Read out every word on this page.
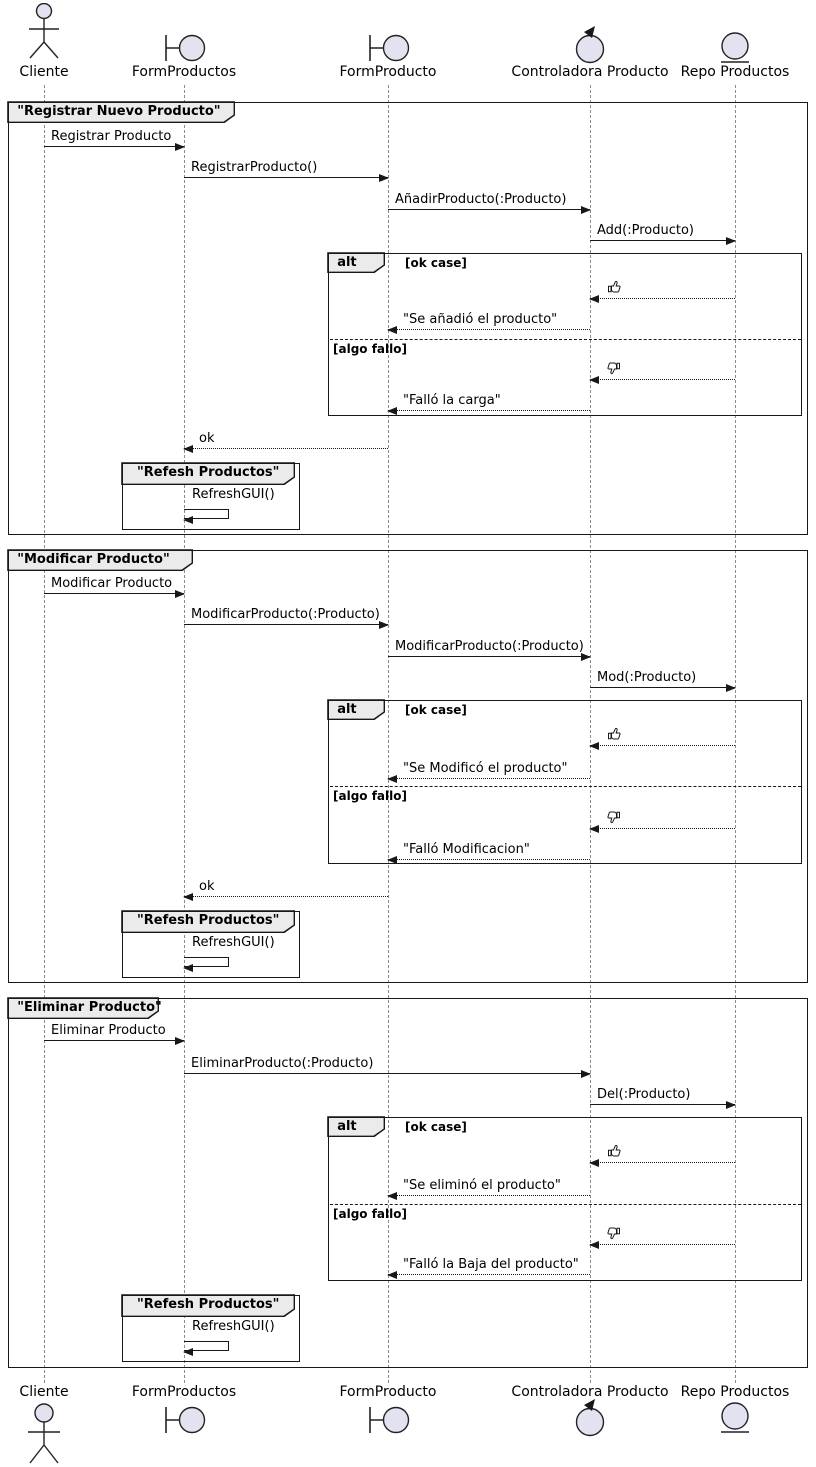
Cliente	FormProductos	FormProducto	Controladora Producto Repo Productos
"Registrar Nuevo Producto"
Registrar Producto
RegistrarProducto()
AñadirProducto(:Producto)
Add(:Producto)
alt	[ok case]
"Se añadió el producto"
[algo fallo]
"Falló la carga"
ok
"Refesh Productos"
RefreshGUI()
"Modificar Producto"
Modificar Producto
ModificarProducto(:Producto)
ModificarProducto(:Producto)
Mod(:Producto)
alt	[ok case]
"Se Modificó el producto"
[algo fallo]
"Falló Modificacion"
ok
"Refesh Productos"
RefreshGUI()
"Eliminar Producto"
Eliminar Producto
EliminarProducto(:Producto)
Del(:Producto)
alt	[ok case]
"Se eliminó el producto"
[algo fallo]
"Falló la Baja del producto"
"Refesh Productos"
RefreshGUI()
Cliente	FormProductos	FormProducto	Controladora Producto Repo Productos
